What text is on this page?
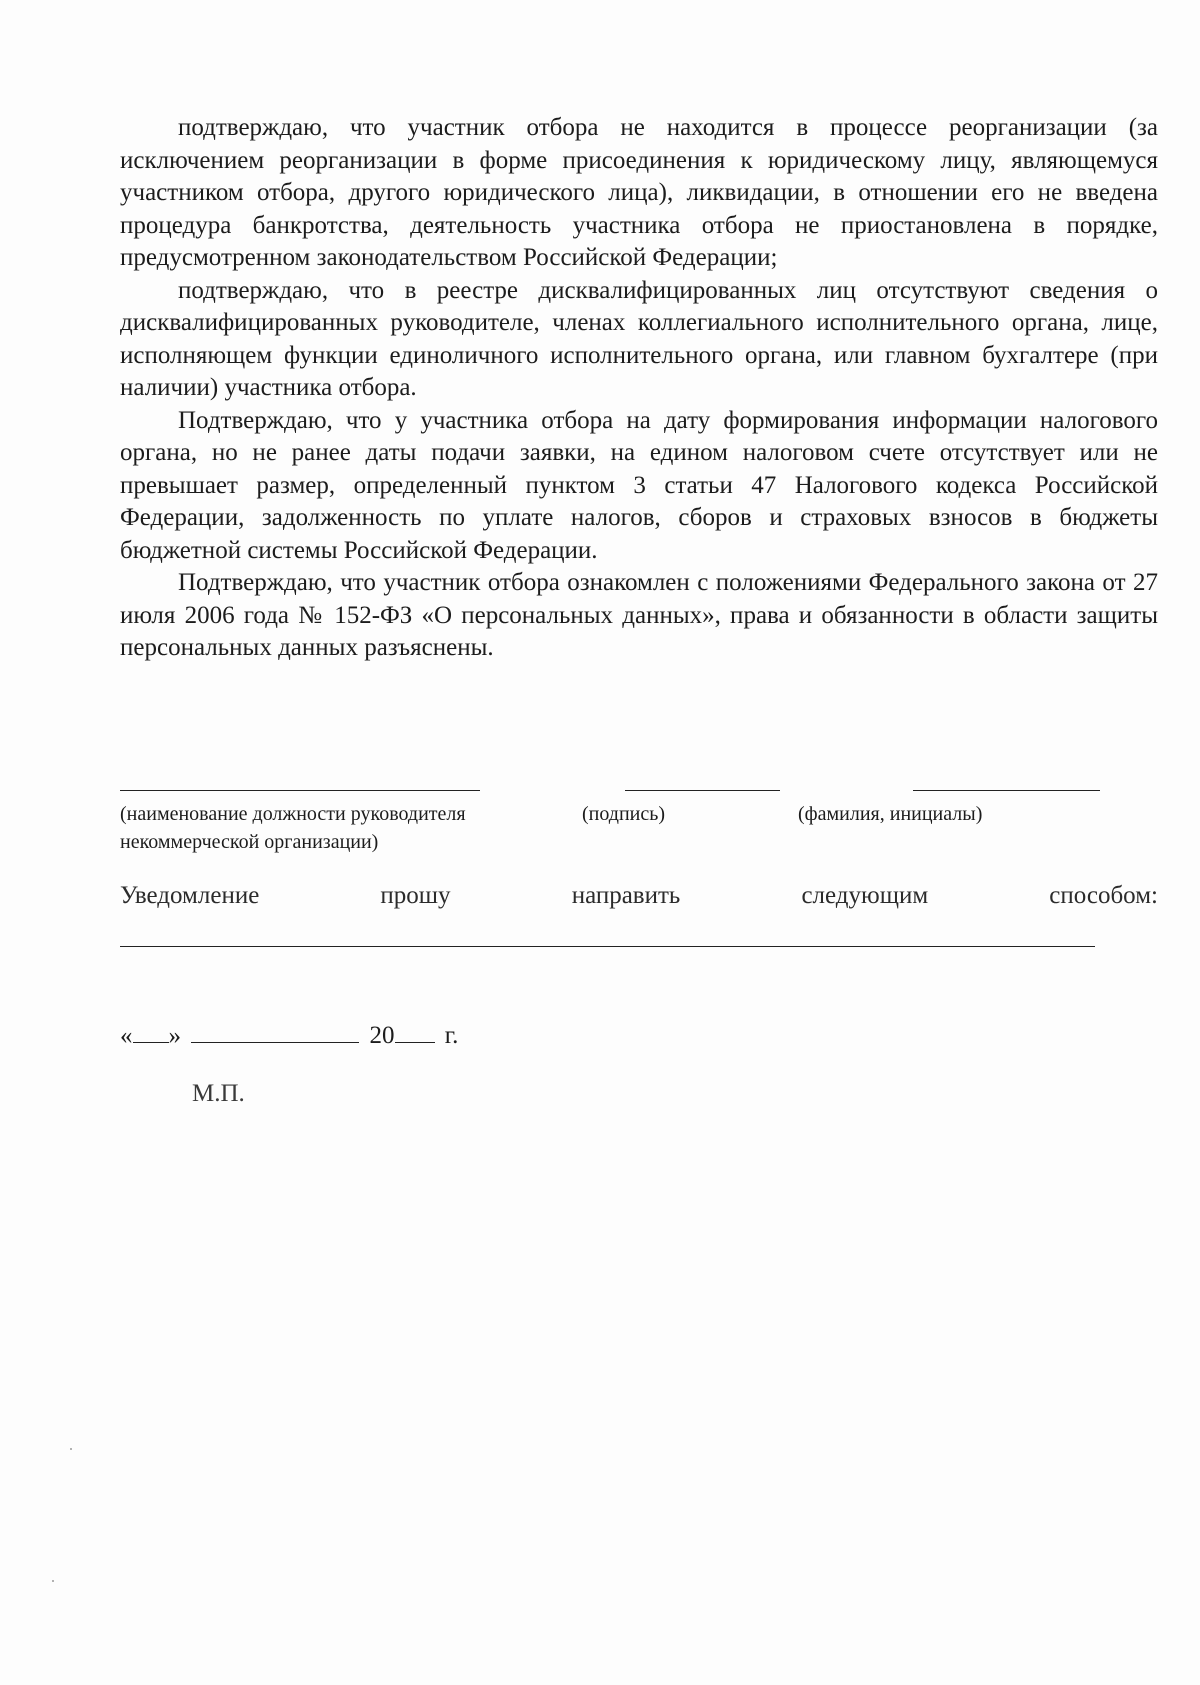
подтверждаю, что участник отбора не находится в процессе реорганизации (за исключением реорганизации в форме присоединения к юридическому лицу, являющемуся участником отбора, другого юридического лица), ликвидации, в отношении его не введена процедура банкротства, деятельность участника отбора не приостановлена в порядке, предусмотренном законодательством Российской Федерации;

подтверждаю, что в реестре дисквалифицированных лиц отсутствуют сведения о дисквалифицированных руководителе, членах коллегиального исполнительного органа, лице, исполняющем функции единоличного исполнительного органа, или главном бухгалтере (при наличии) участника отбора.

Подтверждаю, что у участника отбора на дату формирования информации налогового органа, но не ранее даты подачи заявки, на едином налоговом счете отсутствует или не превышает размер, определенный пунктом 3 статьи 47 Налогового кодекса Российской Федерации, задолженность по уплате налогов, сборов и страховых взносов в бюджеты бюджетной системы Российской Федерации.

Подтверждаю, что участник отбора ознакомлен с положениями Федерального закона от 27 июля 2006 года № 152-ФЗ «О персональных данных», права и обязанности в области защиты персональных данных разъяснены.

(наименование должности руководителя
некоммерческой организации)
(подпись)	(фамилия, инициалы)
Уведомление	прошу	направить	следующим	способом:
« »	20 г.
М.П.
